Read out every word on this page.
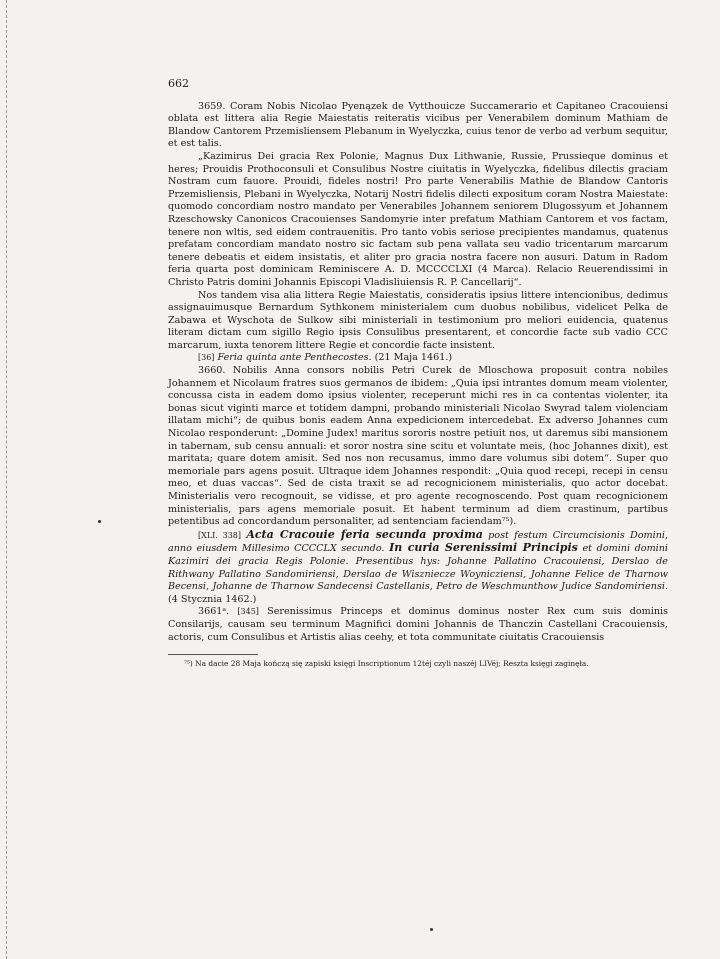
662

3659. Coram Nobis Nicolao Pyenązek de Vytthouicze Succamerario et Capitaneo Cracouiensi oblata est littera alia Regie Maiestatis reiteratis vicibus per Venerabilem dominum Mathiam de Blandow Cantorem Przemisliensem Plebanum in Wyelyczka, cuius tenor de verbo ad verbum sequitur, et est talis.

„Kazimirus Dei gracia Rex Polonie, Magnus Dux Lithwanie, Russie, Prussieque dominus et heres; Prouidis Prothoconsuli et Consulibus Nostre ciuitatis in Wyelyczka, fidelibus dilectis graciam Nostram cum fauore. Prouidi, fideles nostri! Pro parte Venerabilis Mathie de Blandow Cantoris Przemisliensis, Plebani in Wyelyczka, Notarij Nostri fidelis dilecti expositum coram Nostra Maiestate: quomodo concordiam nostro mandato per Venerabiles Johannem seniorem Dlugossyum et Johannem Rzeschowsky Canonicos Cracouienses Sandomyrie inter prefatum Mathiam Cantorem et vos factam, tenere non wltis, sed eidem contrauenitis. Pro tanto vobis seriose precipientes mandamus, quatenus prefatam concordiam mandato nostro sic factam sub pena vallata seu vadio tricentarum marcarum tenere debeatis et eidem insistatis, et aliter pro gracia nostra facere non ausuri. Datum in Radom feria quarta post dominicam Reminiscere A. D. MCCCCLXI (4 Marca). Relacio Reuerendissimi in Christo Patris domini Johannis Episcopi Vladisliuiensis R. P. Cancellarij“.

Nos tandem visa alia littera Regie Maiestatis, consideratis ipsius littere intencionibus, dedimus assignauimusque Bernardum Sythkonem ministerialem cum duobus nobilibus, videlicet Pelka de Zabawa et Wyschota de Sulkow sibi ministeriali in testimonium pro meliori euidencia, quatenus literam dictam cum sigillo Regio ipsis Consulibus presentarent, et concordie facte sub vadio CCC marcarum, iuxta tenorem littere Regie et concordie facte insistent.

[36] Feria quinta ante Penthecostes. (21 Maja 1461.)

3660. Nobilis Anna consors nobilis Petri Curek de Mloschowa proposuit contra nobiles Johannem et Nicolaum fratres suos germanos de ibidem: „Quia ipsi intrantes domum meam violenter, concussa cista in eadem domo ipsius violenter, receperunt michi res in ca contentas violenter, ita bonas sicut viginti marce et totidem dampni, probando ministeriali Nicolao Swyrad talem violenciam illatam michi“; de quibus bonis eadem Anna expedicionem intercedebat. Ex adverso Johannes cum Nicolao responderunt: „Domine Judex! maritus sororis nostre petiuit nos, ut daremus sibi mansionem in tabernam, sub censu annuali: et soror nostra sine scitu et voluntate meis, (hoc Johannes dixit), est maritata; quare dotem amisit. Sed nos non recusamus, immo dare volumus sibi dotem“. Super quo memoriale pars agens posuit. Ultraque idem Johannes respondit: „Quia quod recepi, recepi in censu meo, et duas vaccas“. Sed de cista traxit se ad recognicionem ministerialis, quo actor docebat. Ministerialis vero recognouit, se vidisse, et pro agente recognoscendo. Post quam recognicionem ministerialis, pars agens memoriale posuit. Et habent terminum ad diem crastinum, partibus petentibus ad concordandum personaliter, ad sentenciam faciendam⁷⁵).

[XLI. 338] Acta Cracouie feria secunda proxima post festum Circumcisionis Domini, anno eiusdem Millesimo CCCCLX secundo. In curia Serenissimi Principis et domini domini Kazimiri dei gracia Regis Polonie. Presentibus hys: Johanne Pallatino Cracouiensi, Derslao de Rithwany Pallatino Sandomiriensi, Derslao de Wiszniecze Woynicziensi, Johanne Felice de Tharnow Becensi, Johanne de Tharnow Sandecensi Castellanis, Petro de Weschmunthow Judice Sandomiriensi. (4 Stycznia 1462.)

3661ᵃ. [345] Serenissimus Princeps et dominus dominus noster Rex cum suis dominis Consilarijs, causam seu terminum Magnifici domini Johannis de Thanczin Castellani Cracouiensis, actoris, cum Consulibus et Artistis alias ceehy, et tota communitate ciuitatis Cracouiensis

⁷⁵) Na dacie 28 Maja kończą się zapiski księgi Inscriptionum 12téj czyli naszéj LIVéj; Reszta księgi zaginęła.
